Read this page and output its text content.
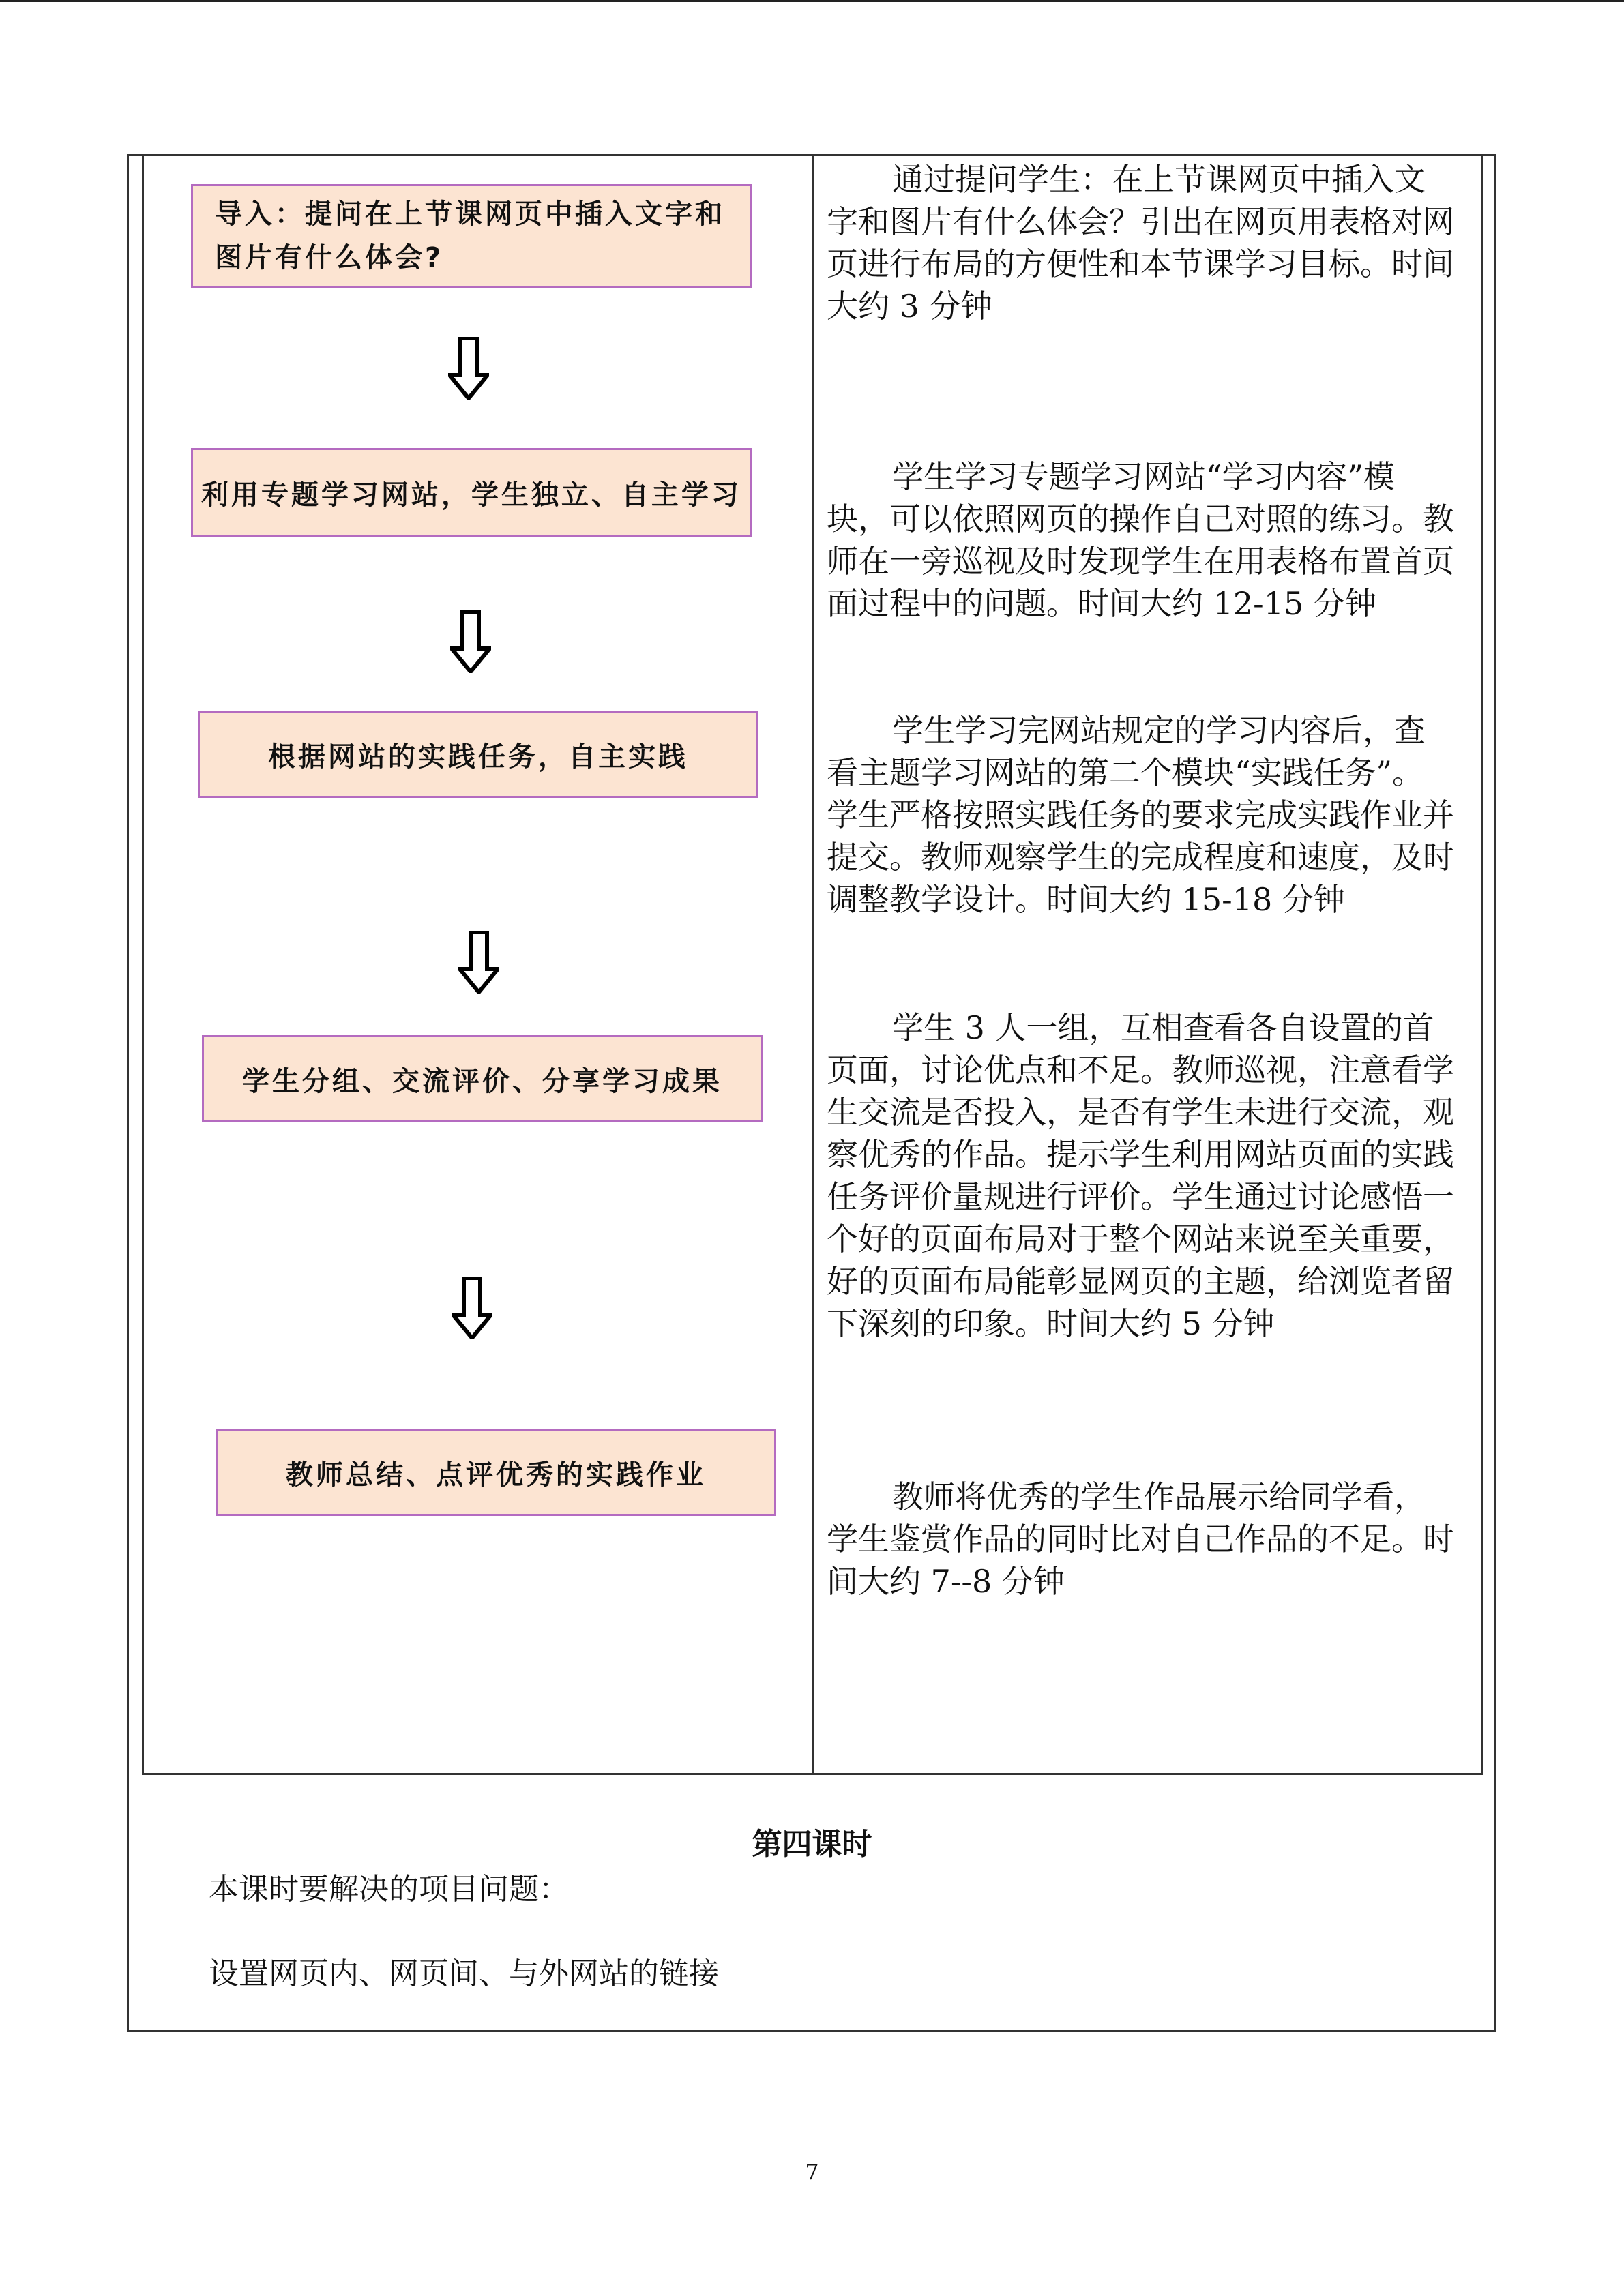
导入：提问在上节课网页中插入文字和图片有什么体会?
利用专题学习网站，学生独立、自主学习
根据网站的实践任务，自主实践
学生分组、交流评价、分享学习成果
教师总结、点评优秀的实践作业

通过提问学生：在上节课网页中插入文字和图片有什么体会？引出在网页用表格对网页进行布局的方便性和本节课学习目标。时间大约 3 分钟

学生学习专题学习网站“学习内容”模块，可以依照网页的操作自己对照的练习。教师在一旁巡视及时发现学生在用表格布置首页面过程中的问题。时间大约 12-15 分钟

学生学习完网站规定的学习内容后，查看主题学习网站的第二个模块“实践任务”。学生严格按照实践任务的要求完成实践作业并提交。教师观察学生的完成程度和速度，及时调整教学设计。时间大约 15-18 分钟

学生 3 人一组，互相查看各自设置的首页面，讨论优点和不足。教师巡视，注意看学生交流是否投入，是否有学生未进行交流，观察优秀的作品。提示学生利用网站页面的实践任务评价量规进行评价。学生通过讨论感悟一个好的页面布局对于整个网站来说至关重要，好的页面布局能彰显网页的主题，给浏览者留下深刻的印象。时间大约 5 分钟

教师将优秀的学生作品展示给同学看，学生鉴赏作品的同时比对自己作品的不足。时间大约 7--8 分钟

第四课时
本课时要解决的项目问题：
设置网页内、网页间、与外网站的链接
7
